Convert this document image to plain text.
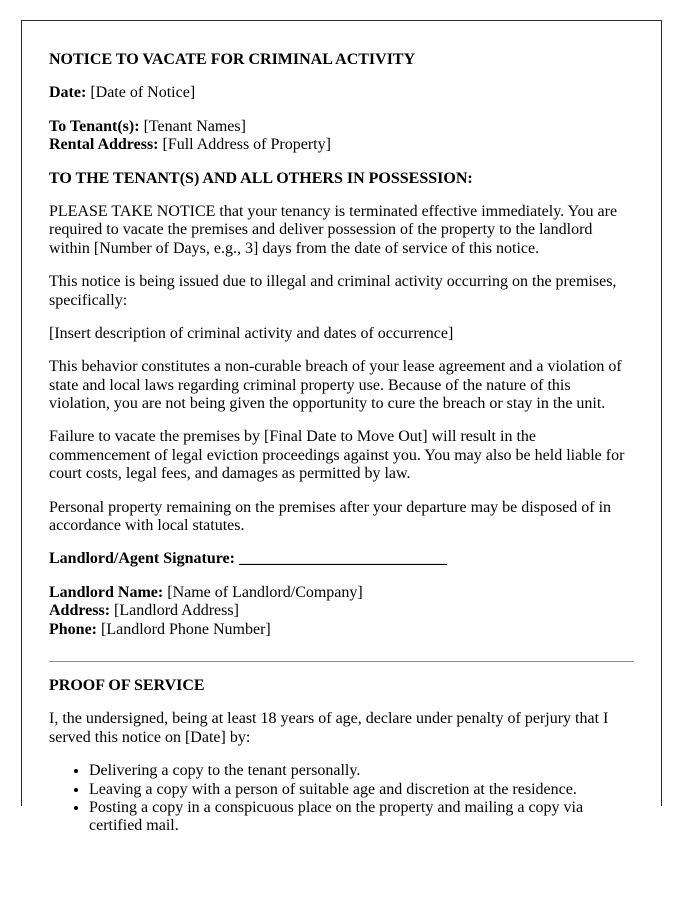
NOTICE TO VACATE FOR CRIMINAL ACTIVITY

Date: [Date of Notice]

To Tenant(s): [Tenant Names]
Rental Address: [Full Address of Property]

TO THE TENANT(S) AND ALL OTHERS IN POSSESSION:

PLEASE TAKE NOTICE that your tenancy is terminated effective immediately. You are required to vacate the premises and deliver possession of the property to the landlord within [Number of Days, e.g., 3] days from the date of service of this notice.

This notice is being issued due to illegal and criminal activity occurring on the premises, specifically:

[Insert description of criminal activity and dates of occurrence]

This behavior constitutes a non-curable breach of your lease agreement and a violation of state and local laws regarding criminal property use. Because of the nature of this violation, you are not being given the opportunity to cure the breach or stay in the unit.

Failure to vacate the premises by [Final Date to Move Out] will result in the commencement of legal eviction proceedings against you. You may also be held liable for court costs, legal fees, and damages as permitted by law.

Personal property remaining on the premises after your departure may be disposed of in accordance with local statutes.

Landlord/Agent Signature: __________________________

Landlord Name: [Name of Landlord/Company]
Address: [Landlord Address]
Phone: [Landlord Phone Number]

PROOF OF SERVICE

I, the undersigned, being at least 18 years of age, declare under penalty of perjury that I served this notice on [Date] by:

• Delivering a copy to the tenant personally.
• Leaving a copy with a person of suitable age and discretion at the residence.
• Posting a copy in a conspicuous place on the property and mailing a copy via certified mail.
